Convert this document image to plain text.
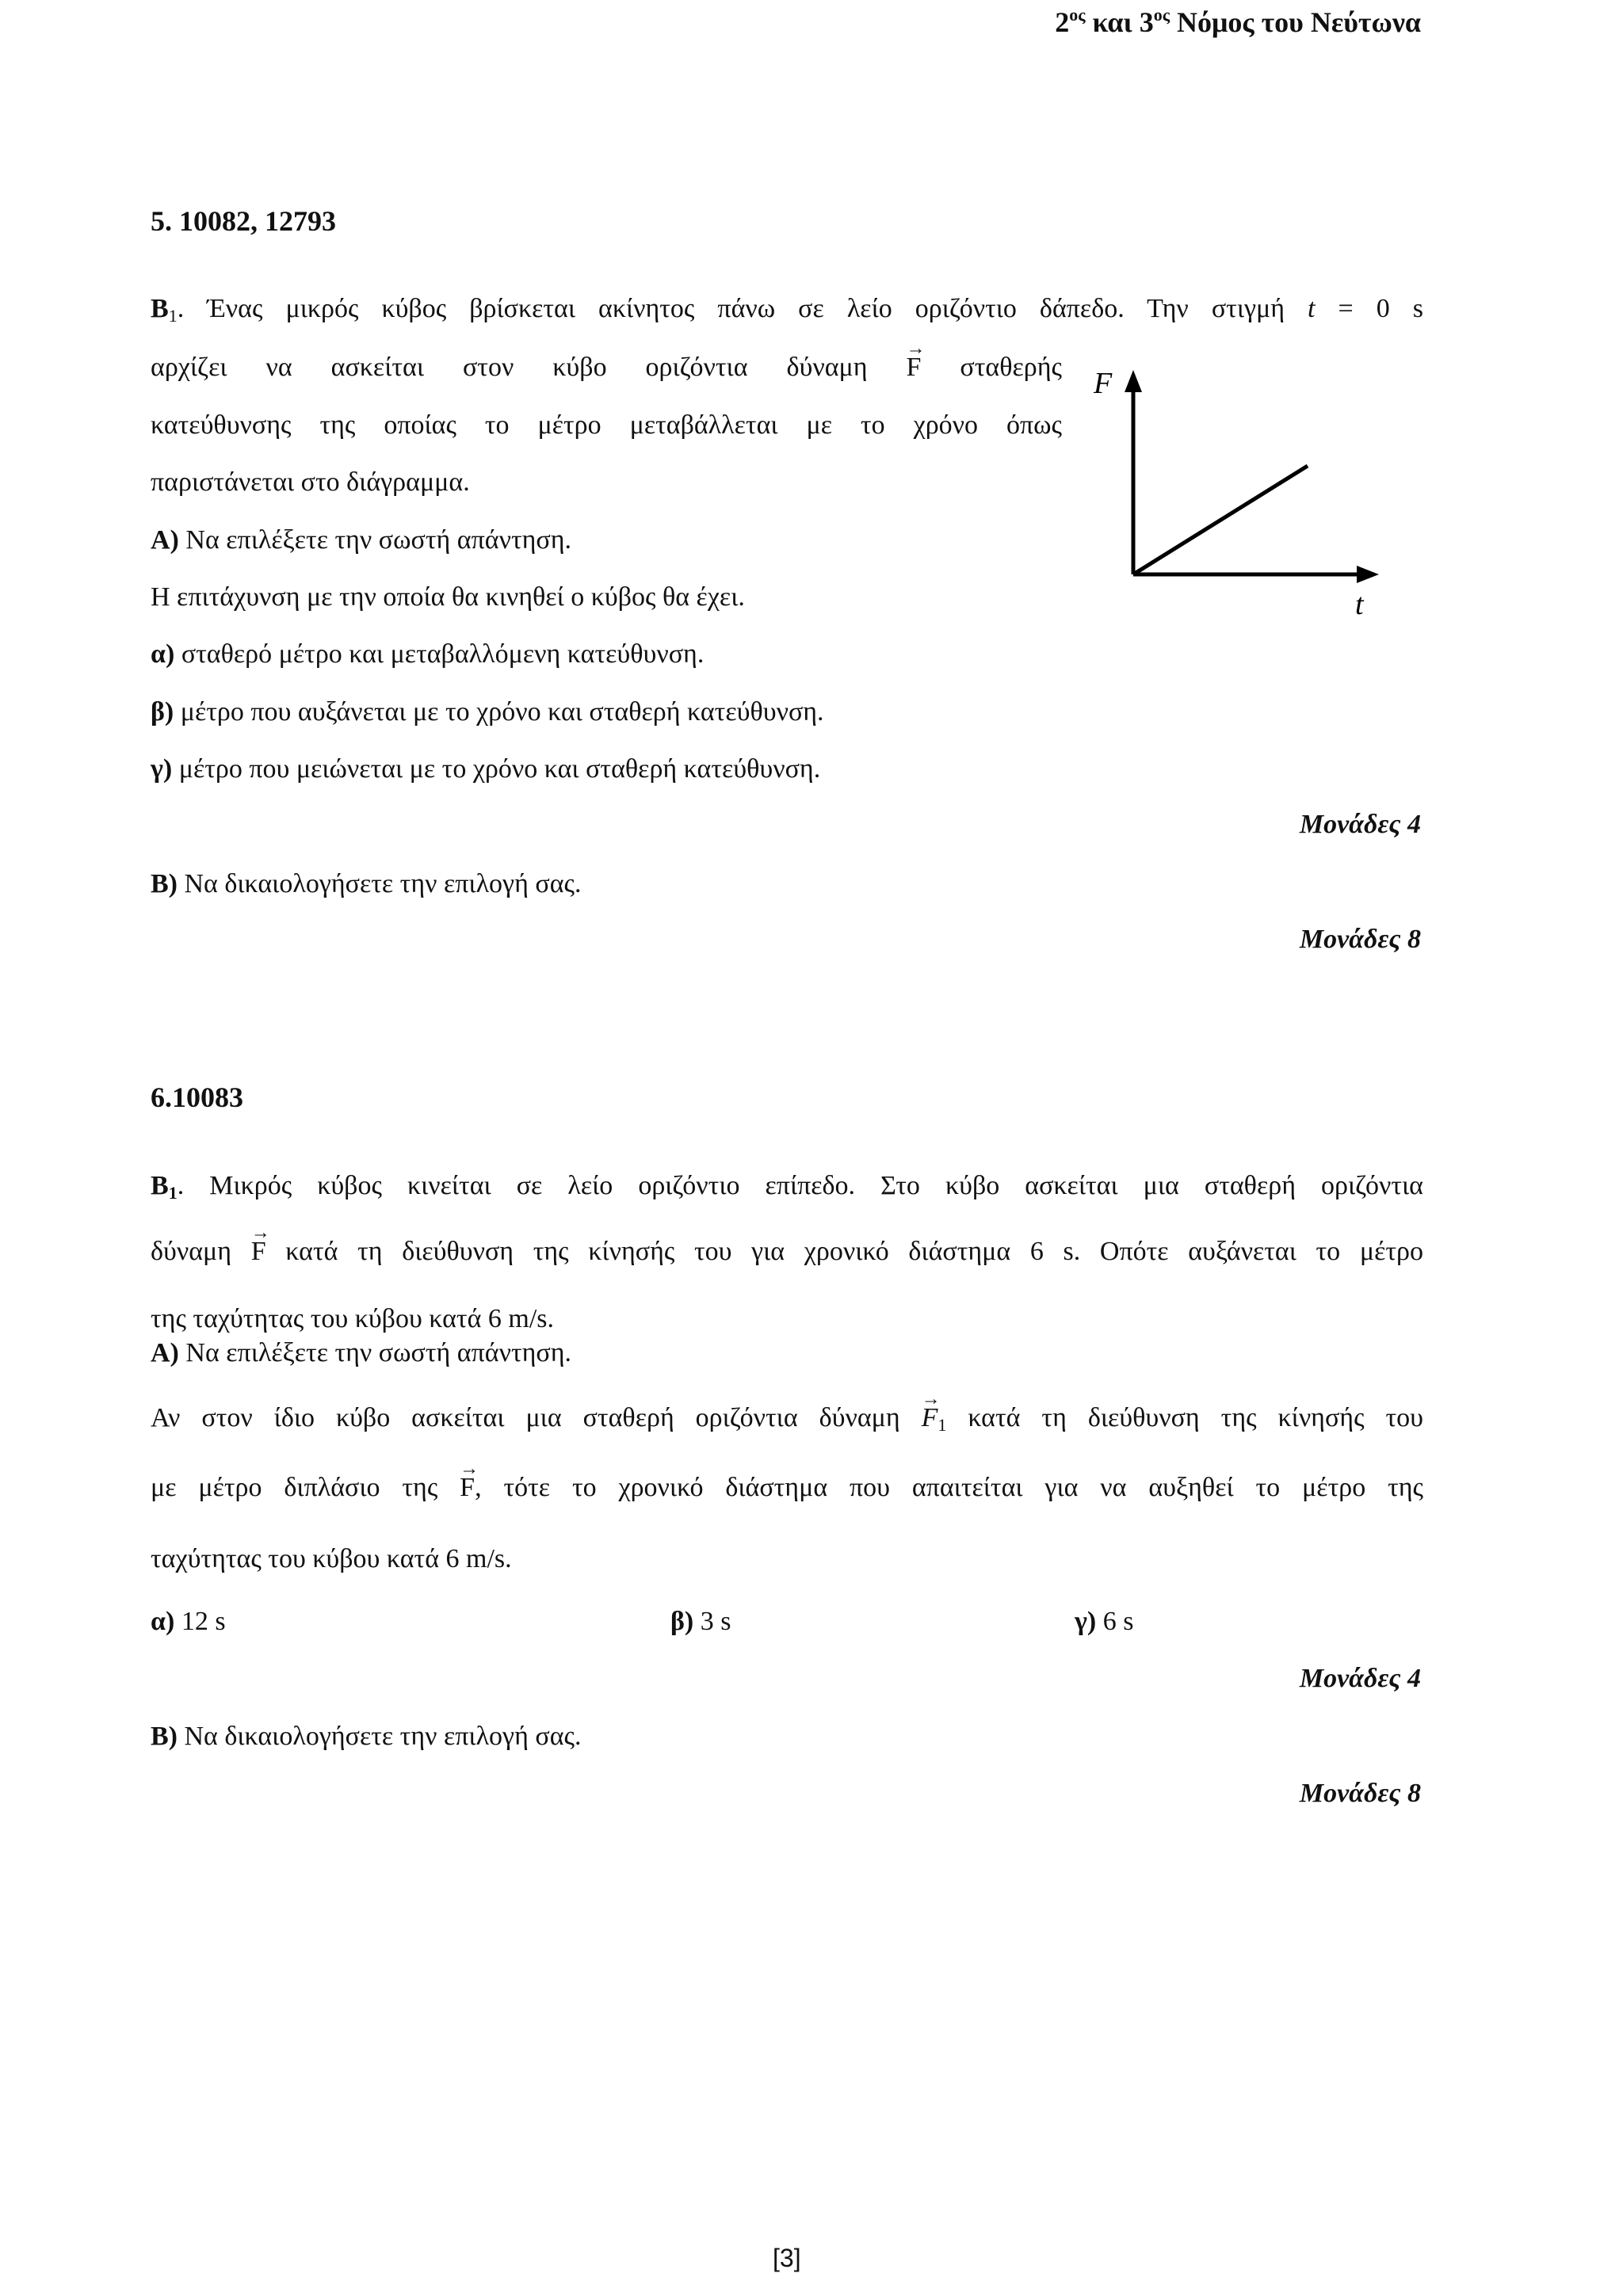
$2^{o\varsigma}$ και $3^{o\varsigma}$ Νόμος του Νεύτωνα
5. 10082, 12793
$B_1$. Ένας μικρός κύβος βρίσκεται ακίνητος πάνω σε λείο οριζόντιο δάπεδο. Την στιγμή t = 0 s
αρχίζει να ασκείται στον κύβο οριζόντια δύναμη → F σταθερής
κατεύθυνσης της οποίας το μέτρο μεταβάλλεται με το χρόνο όπως
παριστάνεται στο διάγραμμα.
Α) Να επιλέξετε την σωστή απάντηση.
Η επιτάχυνση με την οποία θα κινηθεί ο κύβος θα έχει.
α) σταθερό μέτρο και μεταβαλλόμενη κατεύθυνση.
β) μέτρο που αυξάνεται με το χρόνο και σταθερή κατεύθυνση.
γ) μέτρο που μειώνεται με το χρόνο και σταθερή κατεύθυνση.
Μονάδες 4
Β) Να δικαιολογήσετε την επιλογή σας.
Μονάδες 8
F
t
6.10083
$B_1$. Μικρός κύβος κινείται σε λείο οριζόντιο επίπεδο. Στο κύβο ασκείται μια σταθερή οριζόντια
δύναμη → F κατά τη διεύθυνση της κίνησής του για χρονικό διάστημα 6 s. Οπότε αυξάνεται το μέτρο
της ταχύτητας του κύβου κατά 6 m/s.
Α) Να επιλέξετε την σωστή απάντηση.
Αν στον ίδιο κύβο ασκείται μια σταθερή οριζόντια $\delta ύ\nu\alpha\mu\eta \to F_1$ κατά τη διεύθυνση της κίνησής του
με μέτρο διπλάσιο της → F, τότε το χρονικό διάστημα που απαιτείται για να αυξηθεί το μέτρο της
ταχύτητας του κύβου κατά 6 m/s.
α) 12 s	β) 3 s	γ) 6 s
Μονάδες 4
Β) Να δικαιολογήσετε την επιλογή σας.
Μονάδες 8
[3]
